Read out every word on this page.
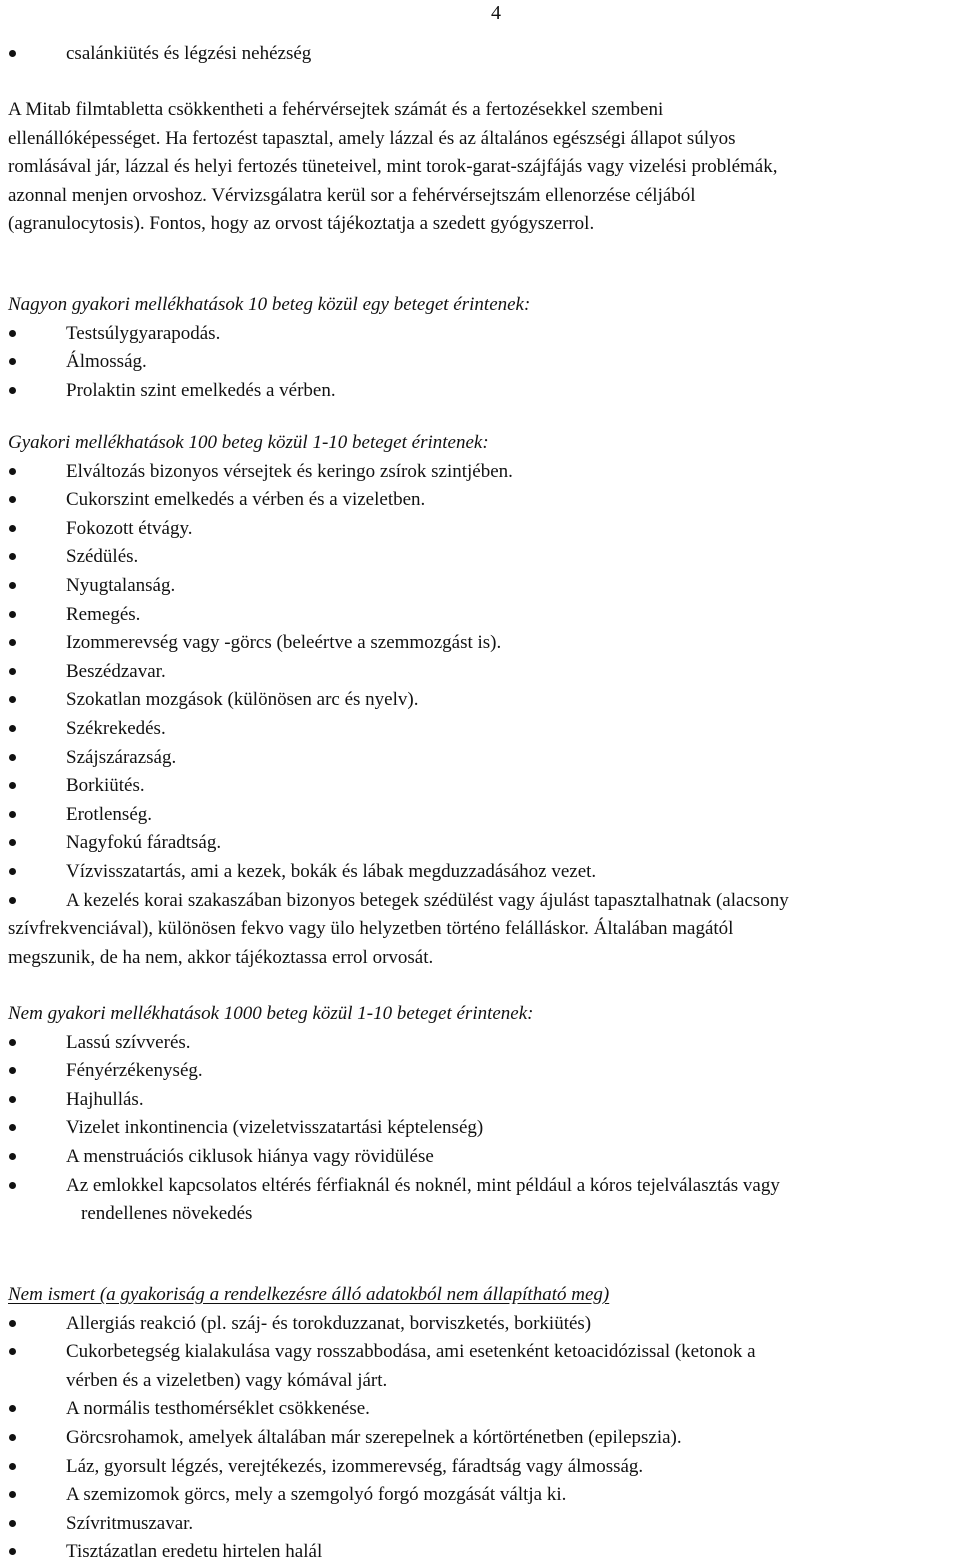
4
csalánkiütés és légzési nehézség
A Mitab filmtabletta csökkentheti a fehérvérsejtek számát és a fertozésekkel szembeni
ellenállóképességet. Ha fertozést tapasztal, amely lázzal és az általános egészségi állapot súlyos
romlásával jár, lázzal és helyi fertozés tüneteivel, mint torok-garat-szájfájás vagy vizelési problémák,
azonnal menjen orvoshoz. Vérvizsgálatra kerül sor a fehérvérsejtszám ellenorzése céljából
(agranulocytosis). Fontos, hogy az orvost tájékoztatja a szedett gyógyszerrol.
Nagyon gyakori mellékhatások 10 beteg közül egy beteget érintenek:
Testsúlygyarapodás.
Álmosság.
Prolaktin szint emelkedés a vérben.
Gyakori mellékhatások 100 beteg közül 1-10 beteget érintenek:
Elváltozás bizonyos vérsejtek és keringo zsírok szintjében.
Cukorszint emelkedés a vérben és a vizeletben.
Fokozott étvágy.
Szédülés.
Nyugtalanság.
Remegés.
Izommerevség vagy -görcs (beleértve a szemmozgást is).
Beszédzavar.
Szokatlan mozgások (különösen arc és nyelv).
Székrekedés.
Szájszárazság.
Borkiütés.
Erotlenség.
Nagyfokú fáradtság.
Vízvisszatartás, ami a kezek, bokák és lábak megduzzadásához vezet.
A kezelés korai szakaszában bizonyos betegek szédülést vagy ájulást tapasztalhatnak (alacsony
szívfrekvenciával), különösen fekvo vagy ülo helyzetben történo felálláskor. Általában magától
megszunik, de ha nem, akkor tájékoztassa errol orvosát.
Nem gyakori mellékhatások 1000 beteg közül 1-10 beteget érintenek:
Lassú szívverés.
Fényérzékenység.
Hajhullás.
Vizelet inkontinencia (vizeletvisszatartási képtelenség)
A menstruációs ciklusok hiánya vagy rövidülése
Az emlokkel kapcsolatos eltérés férfiaknál és noknél, mint például a kóros tejelválasztás vagy
rendellenes növekedés
Nem ismert (a gyakoriság a rendelkezésre álló adatokból nem állapítható meg)
Allergiás reakció (pl. száj- és torokduzzanat, borviszketés, borkiütés)
Cukorbetegség kialakulása vagy rosszabbodása, ami esetenként ketoacidózissal (ketonok a
vérben és a vizeletben) vagy kómával járt.
A normális testhomérséklet csökkenése.
Görcsrohamok, amelyek általában már szerepelnek a kórtörténetben (epilepszia).
Láz, gyorsult légzés, verejtékezés, izommerevség, fáradtság vagy álmosság.
A szemizomok görcs, mely a szemgolyó forgó mozgását váltja ki.
Szívritmuszavar.
Tisztázatlan eredetu hirtelen halál
